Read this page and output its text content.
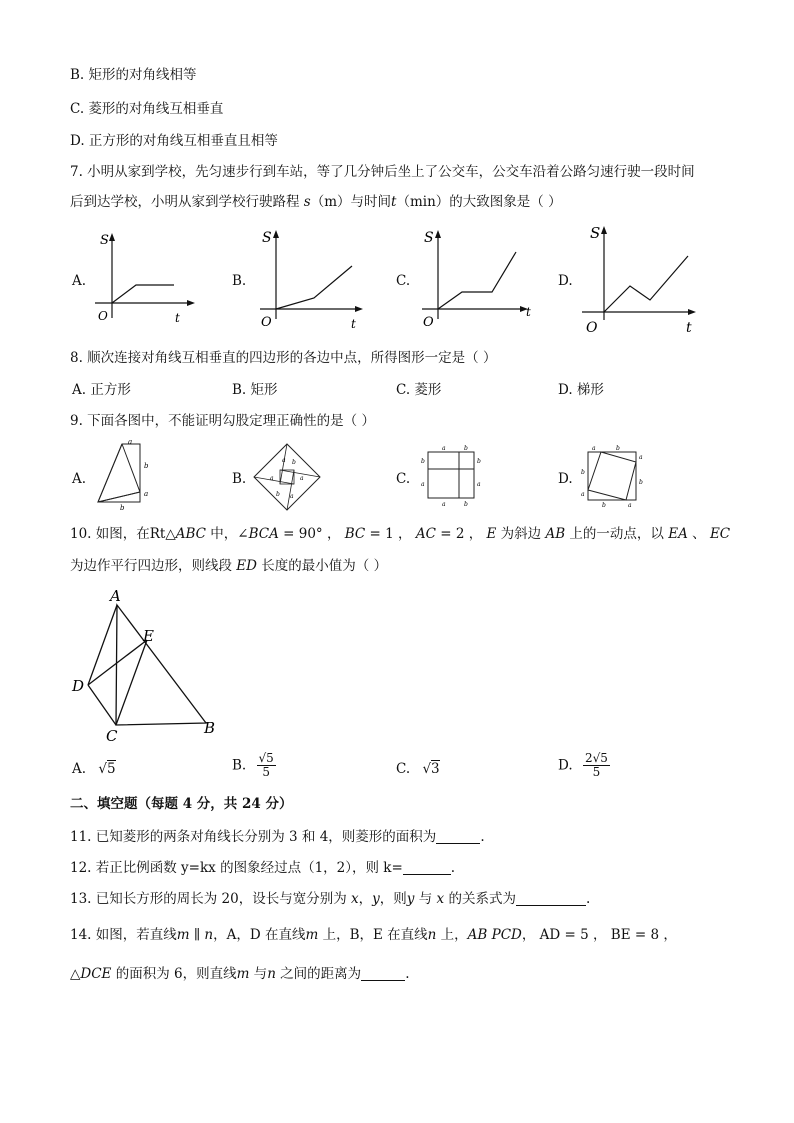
B. 矩形的对角线相等
C. 菱形的对角线互相垂直
D. 正方形的对角线互相垂直且相等
7. 小明从家到学校，先匀速步行到车站，等了几分钟后坐上了公交车，公交车沿着公路匀速行驶一段时间
后到达学校，小明从家到学校行驶路程 s（m）与时间t（min）的大致图象是（ ）
A.
S
t
O
B.
S
t
O
C.
S
t
O
D.
S
t
O
8. 顺次连接对角线互相垂直的四边形的各边中点，所得图形一定是（ ）
A. 正方形	B. 矩形	C. 菱形	D. 梯形
9. 下面各图中，不能证明勾股定理正确性的是（ ）
A.
a
b
a
b
B.
a b
a	a
b a
C.
a	b
b	b
a	a
a	b
D.
a	b
a
b
b
a
b	a
10. 如图，在Rt△ABC 中，∠BCA = 90° ， BC = 1 ， AC = 2 ， E 为斜边 AB 上的一动点，以 EA 、 EC
为边作平行四边形，则线段 ED 长度的最小值为（ ）
A
E
D
C	B
A. √5	B. $\frac{√5}{5}$	C. √3	D. $\frac{2√5}{5}$
二、填空题（每题 4 分，共 24 分）
11. 已知菱形的两条对角线长分别为 3 和 4，则菱形的面积为	.
12. 若正比例函数 y=kx 的图象经过点（1，2），则 k=	.
13. 已知长方形的周长为 20，设长与宽分别为 x，y，则y 与 x 的关系式为	.
14. 如图，若直线m ∥ n，A，D 在直线m 上，B，E 在直线n 上，AB PCD， AD = 5 ， BE = 8 ，
△DCE 的面积为 6，则直线m 与n 之间的距离为	.
